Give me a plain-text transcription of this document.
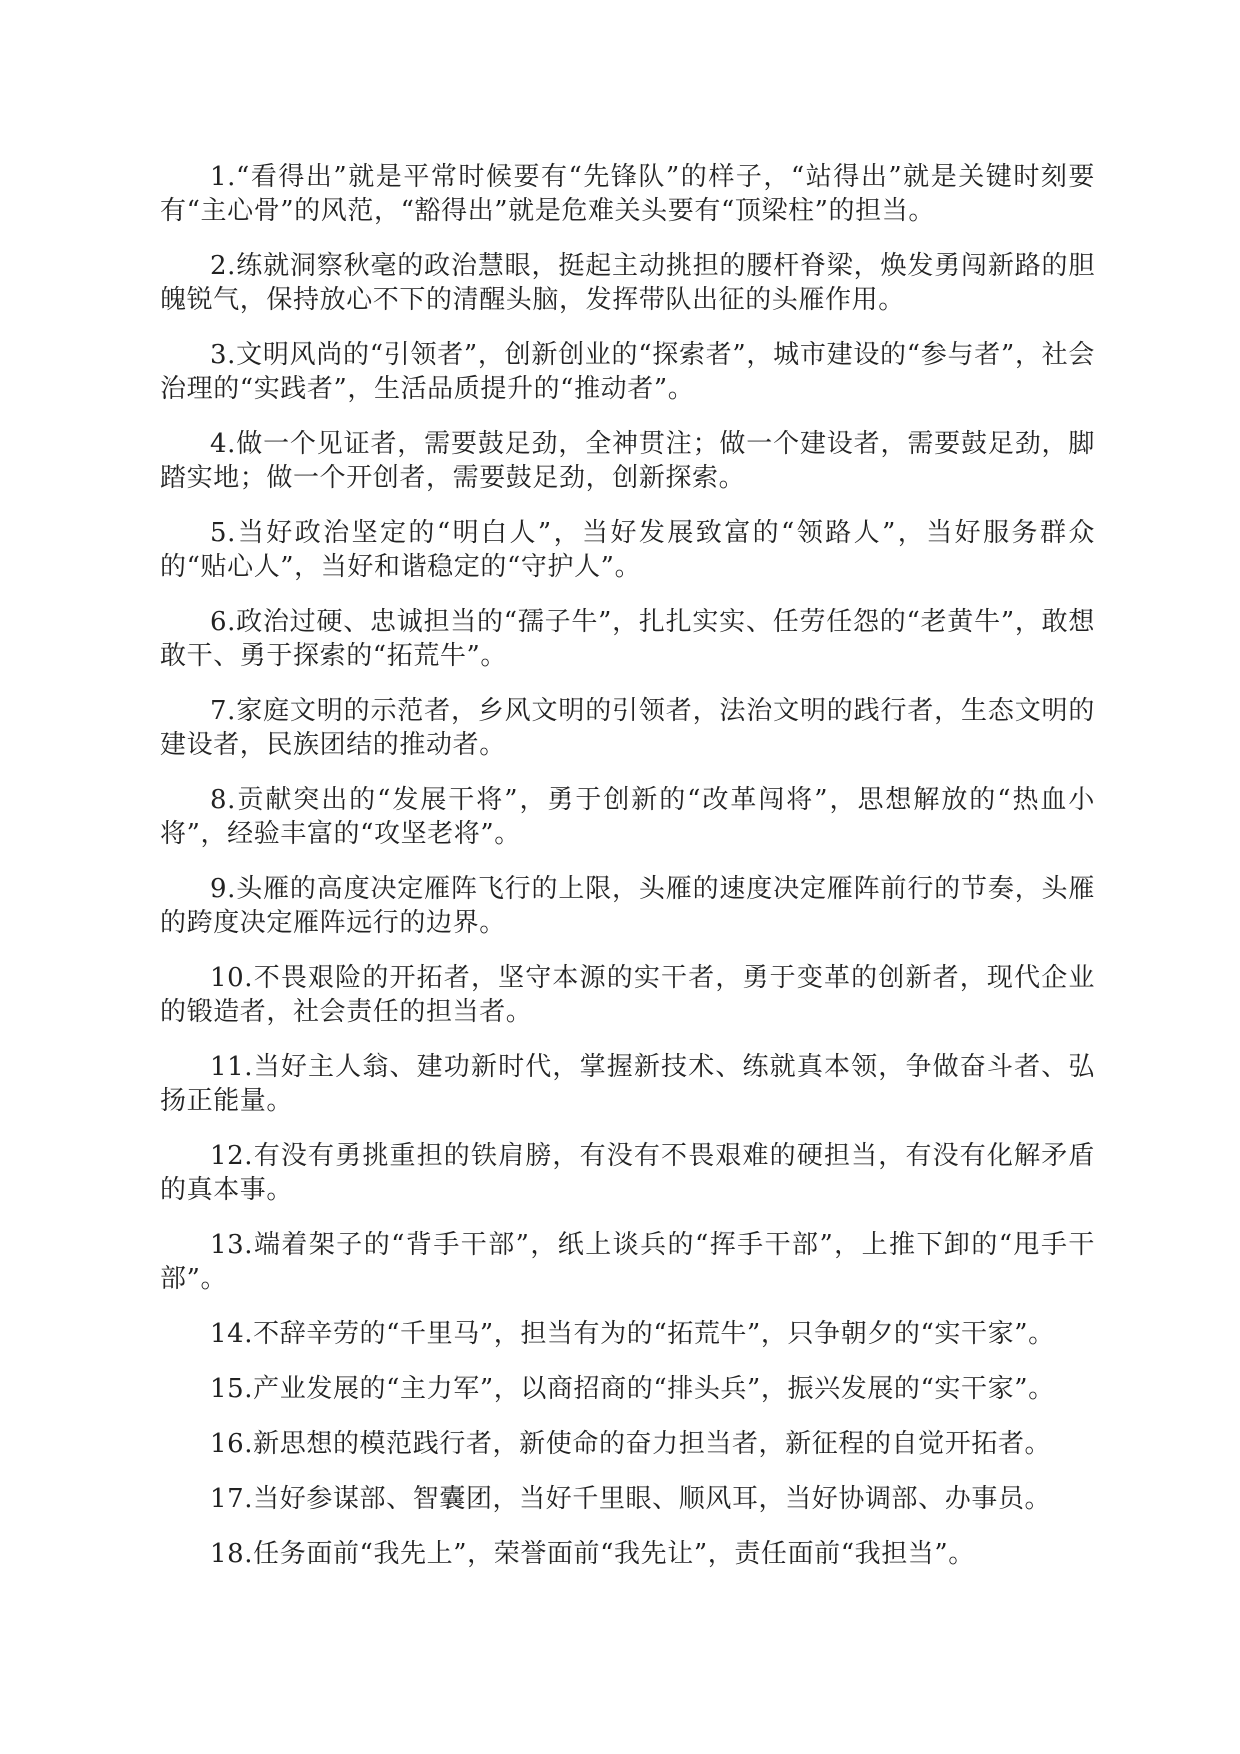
1.“看得出”就是平常时候要有“先锋队”的样子，“站得出”就是关键时刻要有“主心骨”的风范，“豁得出”就是危难关头要有“顶梁柱”的担当。

2.练就洞察秋毫的政治慧眼，挺起主动挑担的腰杆脊梁，焕发勇闯新路的胆魄锐气，保持放心不下的清醒头脑，发挥带队出征的头雁作用。

3.文明风尚的“引领者”，创新创业的“探索者”，城市建设的“参与者”，社会治理的“实践者”，生活品质提升的“推动者”。

4.做一个见证者，需要鼓足劲，全神贯注；做一个建设者，需要鼓足劲，脚踏实地；做一个开创者，需要鼓足劲，创新探索。

5.当好政治坚定的“明白人”，当好发展致富的“领路人”，当好服务群众的“贴心人”，当好和谐稳定的“守护人”。

6.政治过硬、忠诚担当的“孺子牛”，扎扎实实、任劳任怨的“老黄牛”，敢想敢干、勇于探索的“拓荒牛”。

7.家庭文明的示范者，乡风文明的引领者，法治文明的践行者，生态文明的建设者，民族团结的推动者。

8.贡献突出的“发展干将”，勇于创新的“改革闯将”，思想解放的“热血小将”，经验丰富的“攻坚老将”。

9.头雁的高度决定雁阵飞行的上限，头雁的速度决定雁阵前行的节奏，头雁的跨度决定雁阵远行的边界。

10.不畏艰险的开拓者，坚守本源的实干者，勇于变革的创新者，现代企业的锻造者，社会责任的担当者。

11.当好主人翁、建功新时代，掌握新技术、练就真本领，争做奋斗者、弘扬正能量。

12.有没有勇挑重担的铁肩膀，有没有不畏艰难的硬担当，有没有化解矛盾的真本事。

13.端着架子的“背手干部”，纸上谈兵的“挥手干部”，上推下卸的“甩手干部”。

14.不辞辛劳的“千里马”，担当有为的“拓荒牛”，只争朝夕的“实干家”。

15.产业发展的“主力军”，以商招商的“排头兵”，振兴发展的“实干家”。

16.新思想的模范践行者，新使命的奋力担当者，新征程的自觉开拓者。

17.当好参谋部、智囊团，当好千里眼、顺风耳，当好协调部、办事员。

18.任务面前“我先上”，荣誉面前“我先让”，责任面前“我担当”。
